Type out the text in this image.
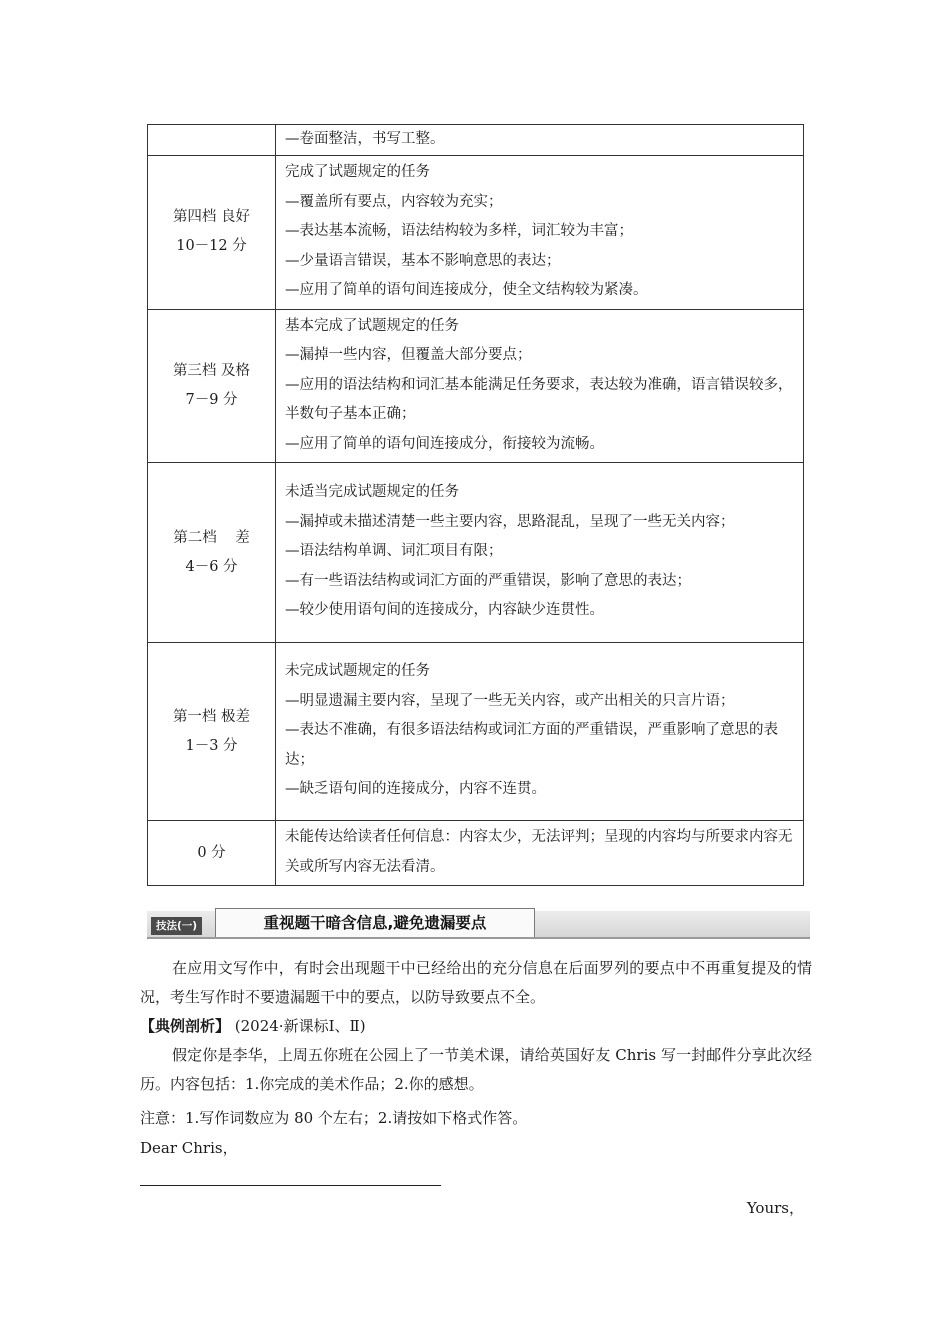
	—卷面整洁，书写工整。

第四档 良好
10－12 分	完成了试题规定的任务
—覆盖所有要点，内容较为充实；
—表达基本流畅，语法结构较为多样，词汇较为丰富；
—少量语言错误，基本不影响意思的表达；
—应用了简单的语句间连接成分，使全文结构较为紧凑。

第三档 及格
7－9 分	基本完成了试题规定的任务
—漏掉一些内容，但覆盖大部分要点；
—应用的语法结构和词汇基本能满足任务要求，表达较为准确，语言错误较多，半数句子基本正确；
—应用了简单的语句间连接成分，衔接较为流畅。

第二档    差
4－6 分	未适当完成试题规定的任务
—漏掉或未描述清楚一些主要内容，思路混乱，呈现了一些无关内容；
—语法结构单调、词汇项目有限；
—有一些语法结构或词汇方面的严重错误，影响了意思的表达；
—较少使用语句间的连接成分，内容缺少连贯性。

第一档 极差
1－3 分	未完成试题规定的任务
—明显遗漏主要内容，呈现了一些无关内容，或产出相关的只言片语；
—表达不准确，有很多语法结构或词汇方面的严重错误，严重影响了意思的表达；
—缺乏语句间的连接成分，内容不连贯。

0 分	未能传达给读者任何信息：内容太少，无法评判；呈现的内容均与所要求内容无关或所写内容无法看清。
技法(一)	重视题干暗含信息,避免遗漏要点

在应用文写作中，有时会出现题干中已经给出的充分信息在后面罗列的要点中不再重复提及的情况，考生写作时不要遗漏题干中的要点，以防导致要点不全。

【典例剖析】 (2024·新课标Ⅰ、Ⅱ)

假定你是李华，上周五你班在公园上了一节美术课，请给英国好友 Chris 写一封邮件分享此次经历。内容包括：1.你完成的美术作品；2.你的感想。

注意：1.写作词数应为 80 个左右；2.请按如下格式作答。

Dear Chris，

Yours，
